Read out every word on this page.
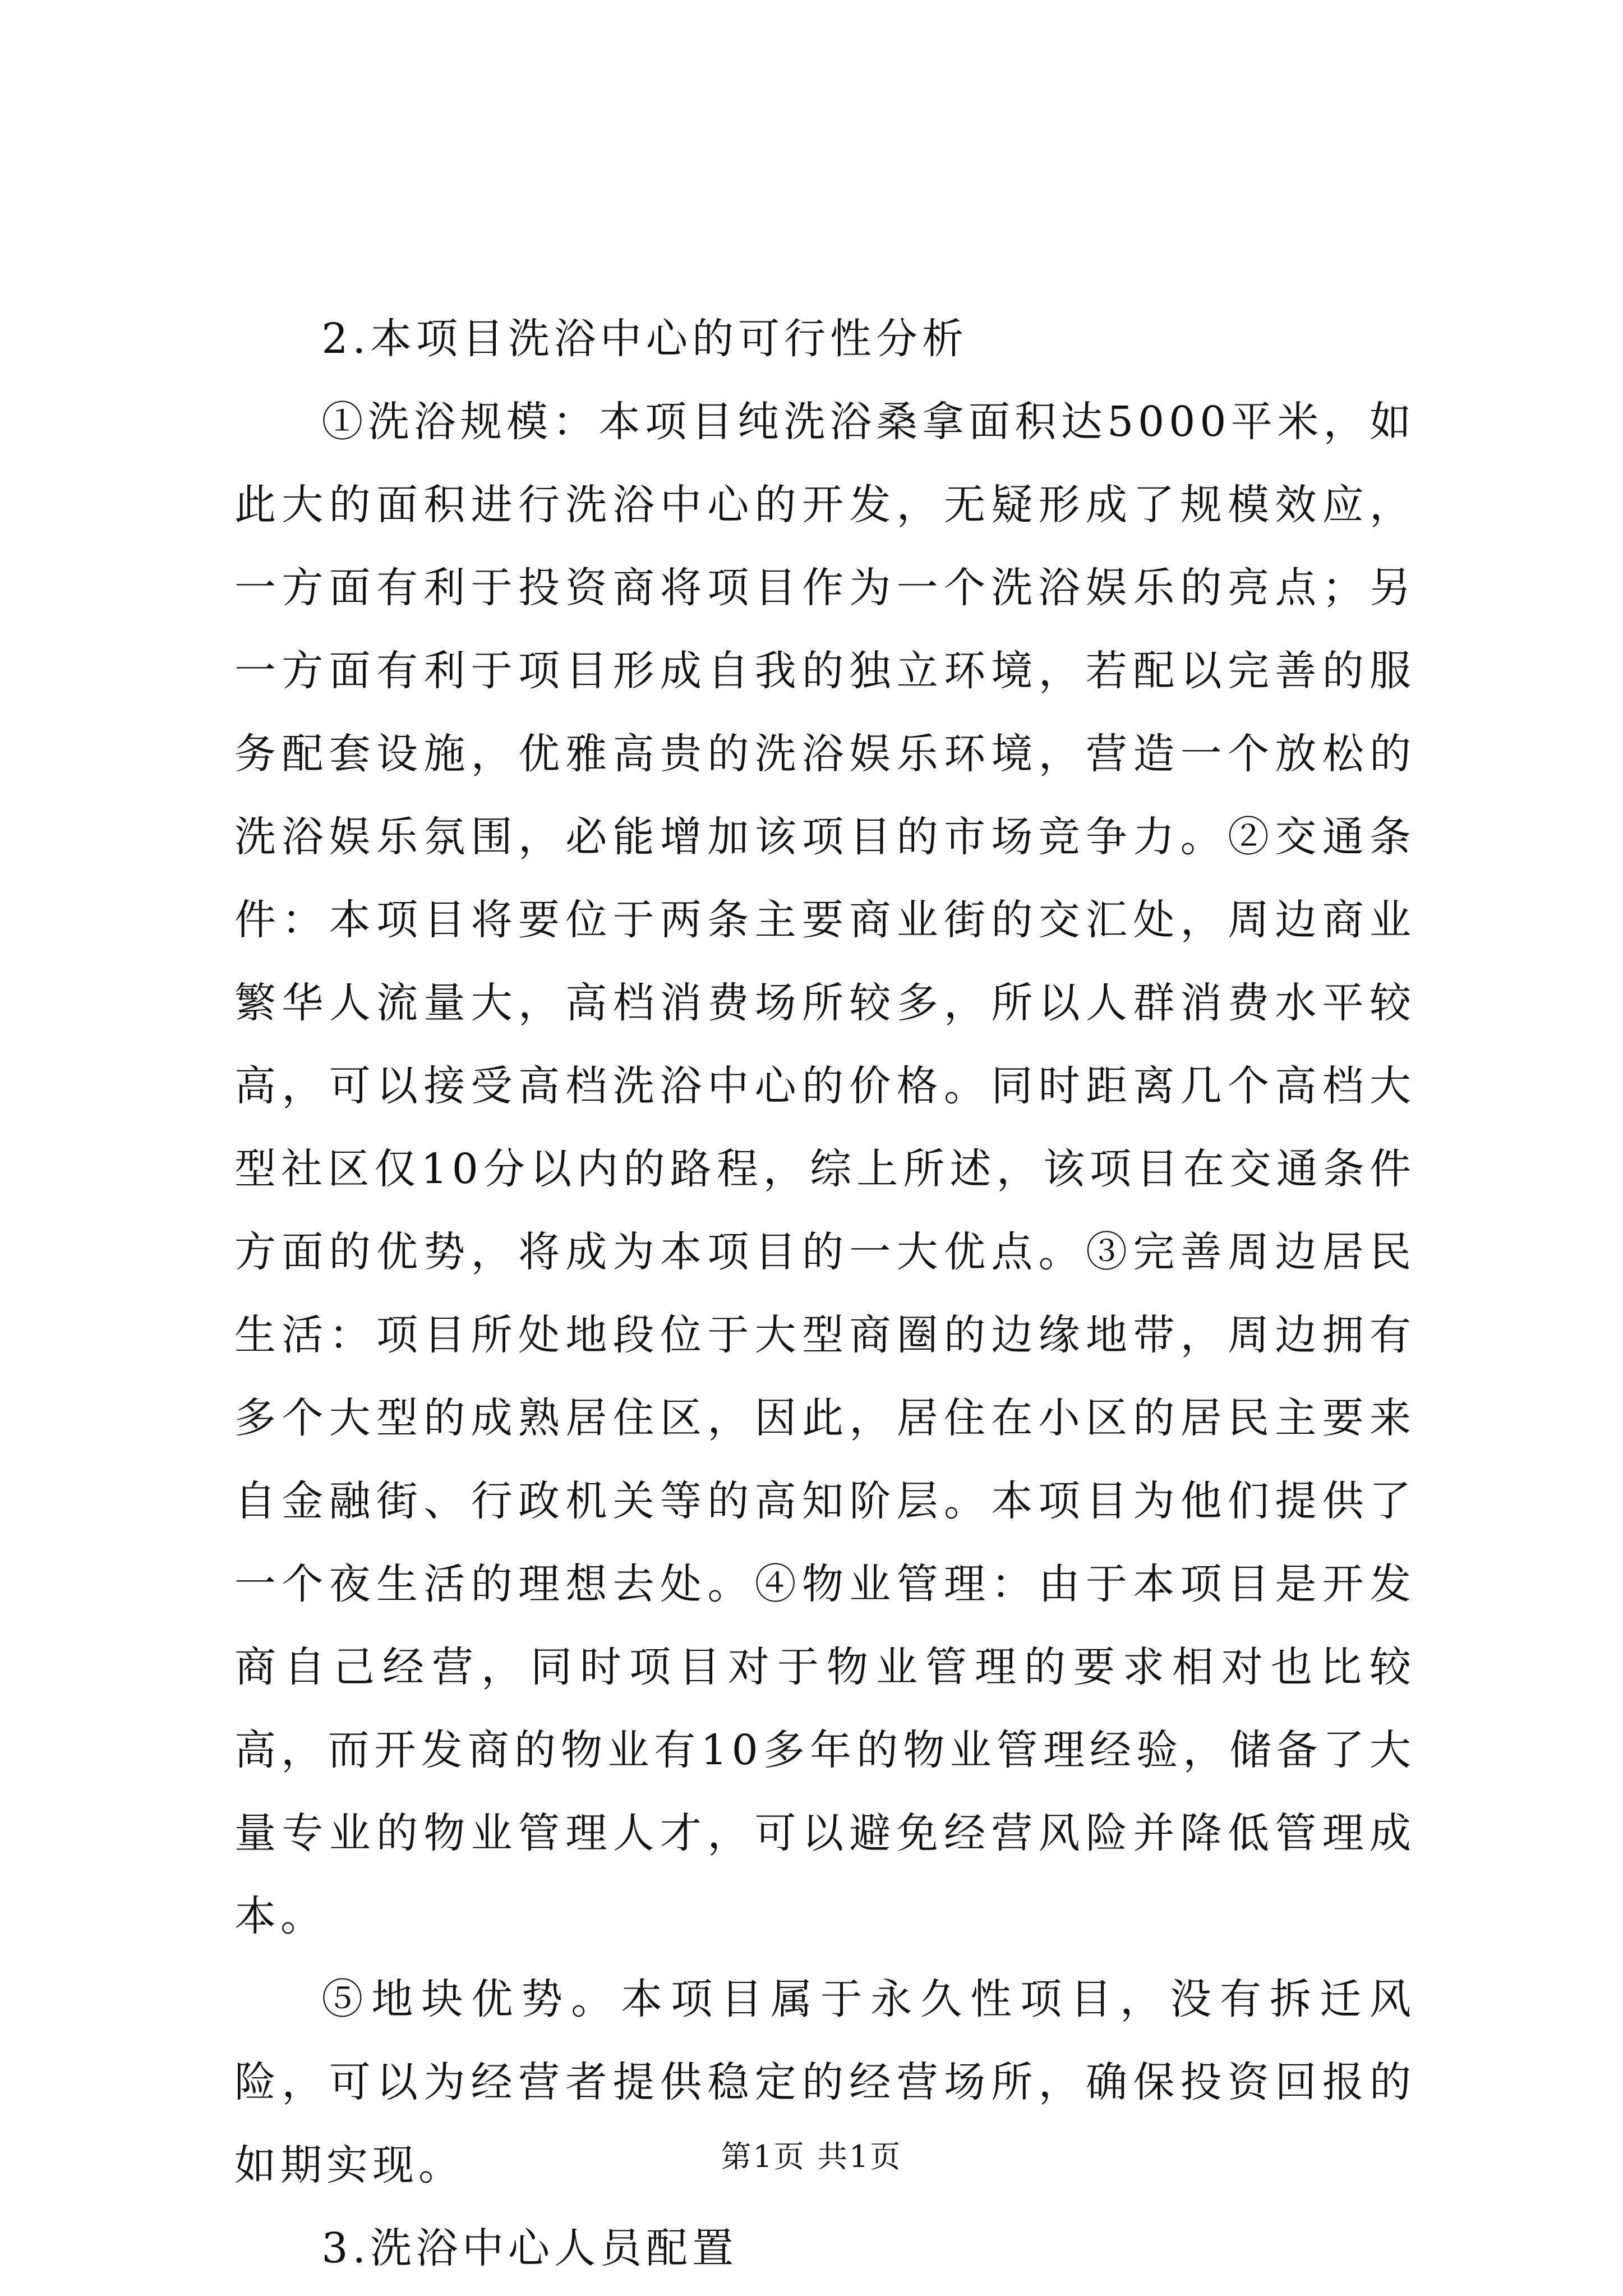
2.本项目洗浴中心的可行性分析

①洗浴规模：本项目纯洗浴桑拿面积达5000平米，如此大的面积进行洗浴中心的开发，无疑形成了规模效应，一方面有利于投资商将项目作为一个洗浴娱乐的亮点；另一方面有利于项目形成自我的独立环境，若配以完善的服务配套设施，优雅高贵的洗浴娱乐环境，营造一个放松的洗浴娱乐氛围，必能增加该项目的市场竞争力。②交通条件：本项目将要位于两条主要商业街的交汇处，周边商业繁华人流量大，高档消费场所较多，所以人群消费水平较高，可以接受高档洗浴中心的价格。同时距离几个高档大型社区仅10分以内的路程，综上所述，该项目在交通条件方面的优势，将成为本项目的一大优点。③完善周边居民生活：项目所处地段位于大型商圈的边缘地带，周边拥有多个大型的成熟居住区，因此，居住在小区的居民主要来自金融街、行政机关等的高知阶层。本项目为他们提供了一个夜生活的理想去处。④物业管理：由于本项目是开发商自己经营，同时项目对于物业管理的要求相对也比较高，而开发商的物业有10多年的物业管理经验，储备了大量专业的物业管理人才，可以避免经营风险并降低管理成本。

⑤地块优势。本项目属于永久性项目，没有拆迁风险，可以为经营者提供稳定的经营场所，确保投资回报的如期实现。

3.洗浴中心人员配置

第1页 共1页
